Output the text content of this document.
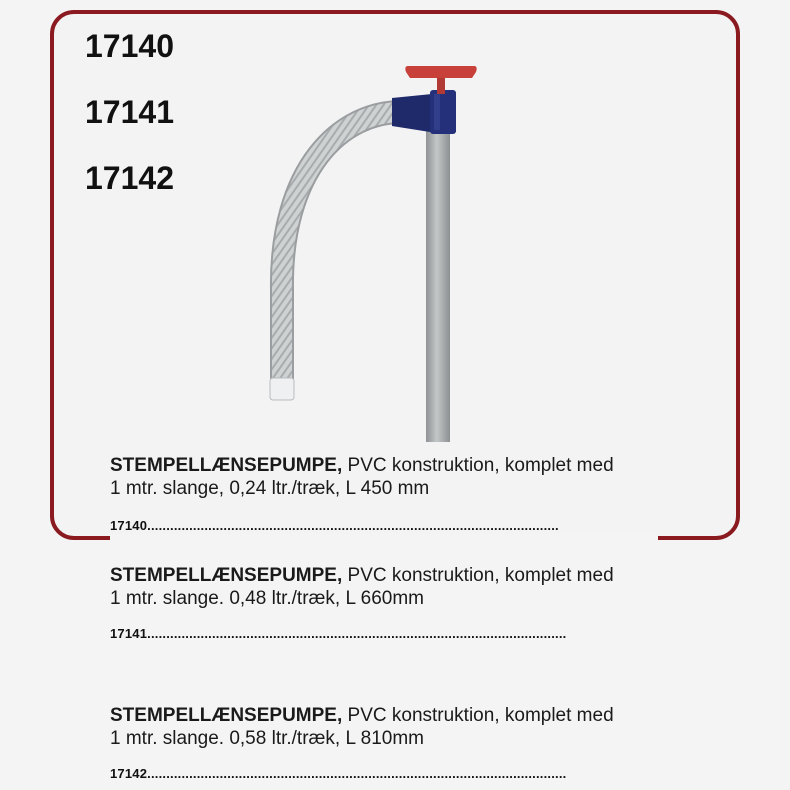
17140
17141
17142
STEMPELLÆNSEPUMPE, PVC konstruktion, komplet med
1 mtr. slange, 0,24 ltr./træk, L 450 mm
17140............................................................................................................
STEMPELLÆNSEPUMPE, PVC konstruktion, komplet med
1 mtr. slange. 0,48 ltr./træk, L 660mm
17141..............................................................................................................
STEMPELLÆNSEPUMPE, PVC konstruktion, komplet med
1 mtr. slange. 0,58 ltr./træk, L 810mm
17142..............................................................................................................
